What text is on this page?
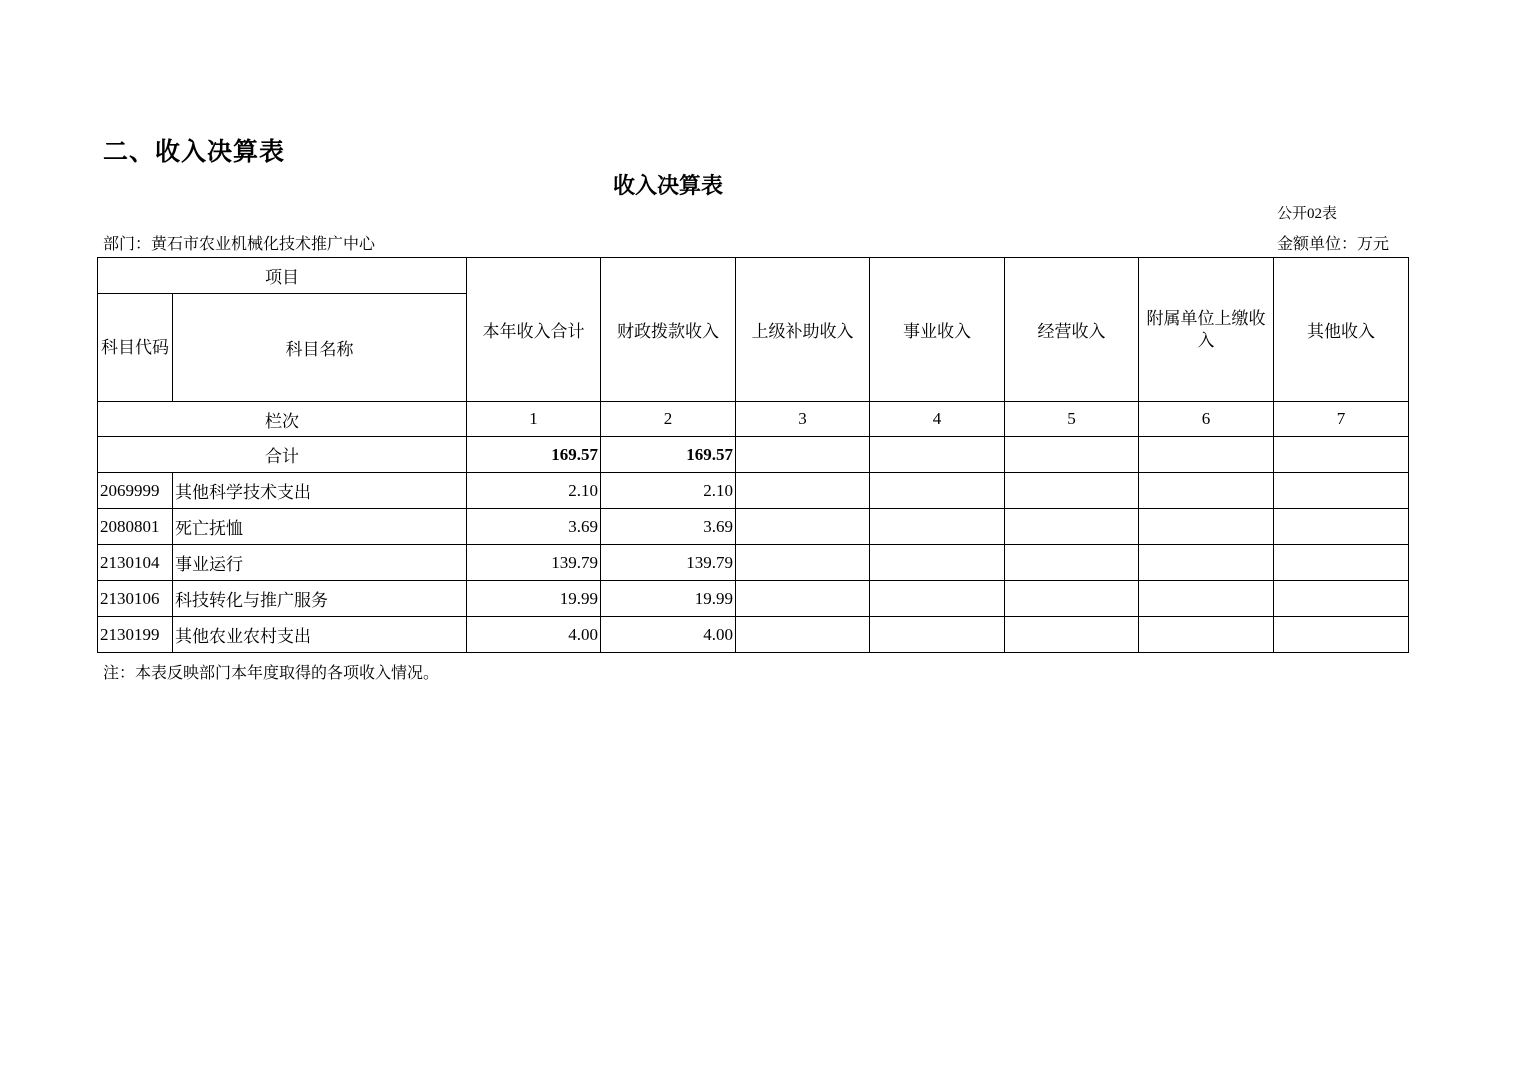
二、收入决算表
收入决算表
公开02表
部门：黄石市农业机械化技术推广中心	金额单位：万元
项目		本年收入合计	财政拨款收入	上级补助收入	事业收入	经营收入	附属单位上缴收入	其他收入
科目代码	科目名称							
栏次		1	2	3	4	5	6	7
合计		169.57	169.57					
2069999	其他科学技术支出	2.10	2.10					
2080801	死亡抚恤	3.69	3.69					
2130104	事业运行	139.79	139.79					
2130106	科技转化与推广服务	19.99	19.99					
2130199	其他农业农村支出	4.00	4.00					
注：本表反映部门本年度取得的各项收入情况。
